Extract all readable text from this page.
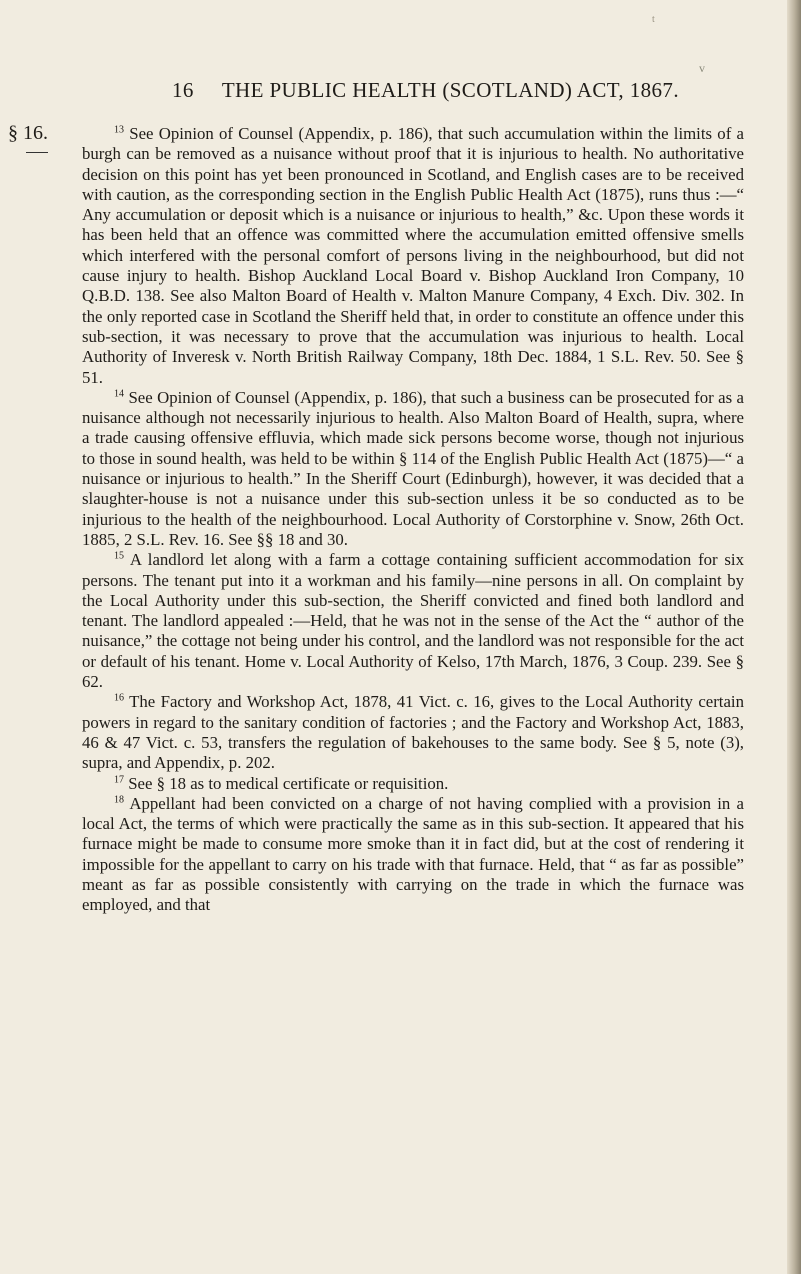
t
v
16 THE PUBLIC HEALTH (SCOTLAND) ACT, 1867.
§ 16.	$^{13}$ See Opinion of Counsel (Appendix, p. 186), that such accumulation within the limits of a burgh can be removed as a nuisance without proof that it is injurious to health. No authoritative decision on this point has yet been pronounced in Scotland, and English cases are to be received with caution, as the corresponding section in the English Public Health Act (1875), runs thus :—“ Any accumulation or deposit which is a nuisance or injurious to health,” &c. Upon these words it has been held that an offence was committed where the accumulation emitted offensive smells which interfered with the personal comfort of persons living in the neighbourhood, but did not cause injury to health. Bishop Auckland Local Board v. Bishop Auckland Iron Company, 10 Q.B.D. 138. See also Malton Board of Health v. Malton Manure Company, 4 Exch. Div. 302. In the only reported case in Scotland the Sheriff held that, in order to constitute an offence under this sub-section, it was necessary to prove that the accumulation was injurious to health. Local Authority of Inveresk v. North British Railway Company, 18th Dec. 1884, 1 S.L. Rev. 50. See § 51.

$^{14}$ See Opinion of Counsel (Appendix, p. 186), that such a business can be prosecuted for as a nuisance although not necessarily injurious to health. Also Malton Board of Health, supra, where a trade causing offensive effluvia, which made sick persons become worse, though not injurious to those in sound health, was held to be within § 114 of the English Public Health Act (1875)—“ a nuisance or injurious to health.” In the Sheriff Court (Edinburgh), however, it was decided that a slaughter-house is not a nuisance under this sub-section unless it be so conducted as to be injurious to the health of the neighbourhood. Local Authority of Corstorphine v. Snow, 26th Oct. 1885, 2 S.L. Rev. 16. See §§ 18 and 30.

$^{15}$ A landlord let along with a farm a cottage containing sufficient accommodation for six persons. The tenant put into it a workman and his family—nine persons in all. On complaint by the Local Authority under this sub-section, the Sheriff convicted and fined both landlord and tenant. The landlord appealed :—Held, that he was not in the sense of the Act the “ author of the nuisance,” the cottage not being under his control, and the landlord was not responsible for the act or default of his tenant. Home v. Local Authority of Kelso, 17th March, 1876, 3 Coup. 239. See § 62.

$^{16}$ The Factory and Workshop Act, 1878, 41 Vict. c. 16, gives to the Local Authority certain powers in regard to the sanitary condition of factories ; and the Factory and Workshop Act, 1883, 46 & 47 Vict. c. 53, transfers the regulation of bakehouses to the same body. See § 5, note (3), supra, and Appendix, p. 202.

$^{17}$ See § 18 as to medical certificate or requisition.

$^{18}$ Appellant had been convicted on a charge of not having complied with a provision in a local Act, the terms of which were practically the same as in this sub-section. It appeared that his furnace might be made to consume more smoke than it in fact did, but at the cost of rendering it impossible for the appellant to carry on his trade with that furnace. Held, that “ as far as possible” meant as far as possible consistently with carrying on the trade in which the furnace was employed, and that
